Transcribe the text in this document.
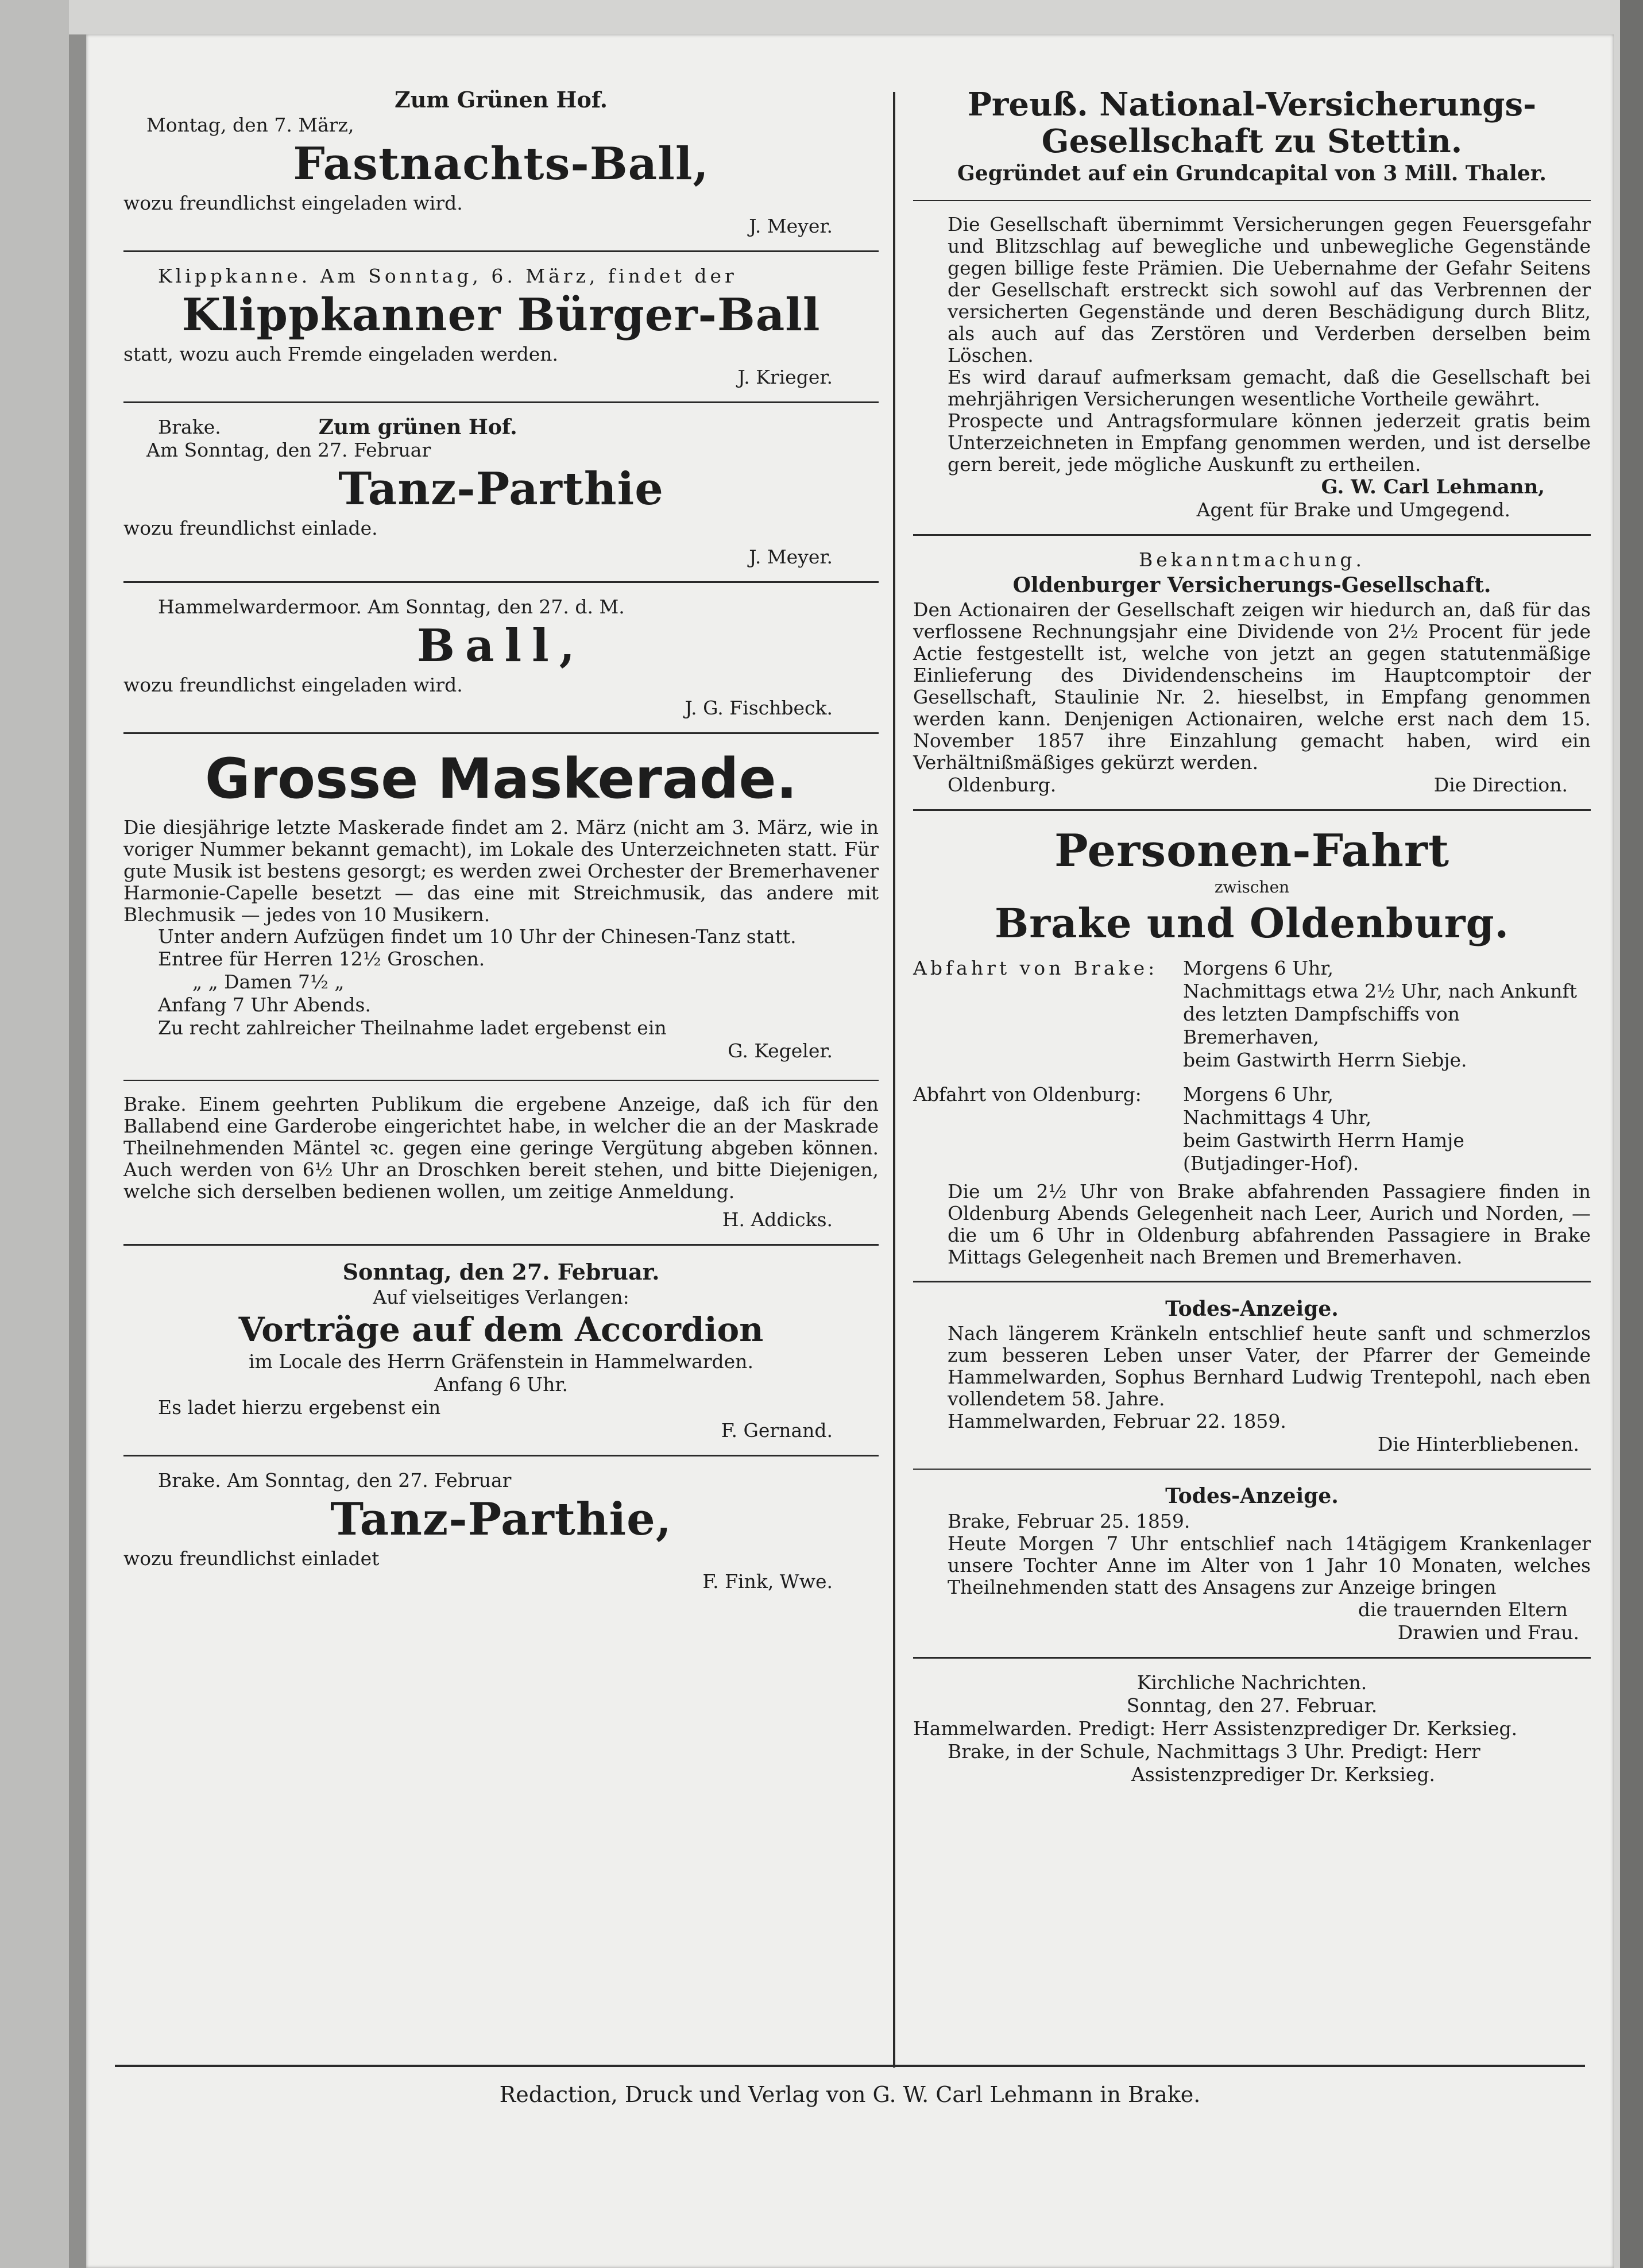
Zum Grünen Hof.
Montag, den 7. März,
Fastnachts-Ball,
wozu freundlichst eingeladen wird.
J. Meyer.
Klippkanne. Am Sonntag, 6. März, findet der
Klippkanner Bürger-Ball
statt, wozu auch Fremde eingeladen werden.
J. Krieger.
Brake.	Zum grünen Hof.
Am Sonntag, den 27. Februar
Tanz-Parthie
wozu freundlichst einlade.
J. Meyer.
Hammelwardermoor. Am Sonntag, den 27. d. M.
Ball,
wozu freundlichst eingeladen wird.
J. G. Fischbeck.
Grosse Maskerade.
Die diesjährige letzte Maskerade findet am 2. März (nicht am 3. März, wie in voriger Nummer bekannt gemacht), im Lokale des Unterzeichneten statt. Für gute Musik ist bestens gesorgt; es werden zwei Orchester der Bremerhavener Harmonie-Capelle besetzt — das eine mit Streichmusik, das andere mit Blechmusik — jedes von 10 Musikern.
Unter andern Aufzügen findet um 10 Uhr der Chinesen-Tanz statt.
Entree für Herren 12½ Groschen.
„ „ Damen 7½ „
Anfang 7 Uhr Abends.
Zu recht zahlreicher Theilnahme ladet ergebenst ein
G. Kegeler.
Brake. Einem geehrten Publikum die ergebene Anzeige, daß ich für den Ballabend eine Garderobe eingerichtet habe, in welcher die an der Maskrade Theilnehmenden Mäntel ꝛc. gegen eine geringe Vergütung abgeben können. Auch werden von 6½ Uhr an Droschken bereit stehen, und bitte Diejenigen, welche sich derselben bedienen wollen, um zeitige Anmeldung.
H. Addicks.
Sonntag, den 27. Februar.
Auf vielseitiges Verlangen:
Vorträge auf dem Accordion
im Locale des Herrn Gräfenstein in Hammelwarden.
Anfang 6 Uhr.
Es ladet hierzu ergebenst ein
F. Gernand.
Brake. Am Sonntag, den 27. Februar
Tanz-Parthie,
wozu freundlichst einladet
F. Fink, Wwe.
Preuß. National-Versicherungs-
Gesellschaft zu Stettin.
Gegründet auf ein Grundcapital von 3 Mill. Thaler.
Die Gesellschaft übernimmt Versicherungen gegen Feuersgefahr und Blitzschlag auf bewegliche und unbewegliche Gegenstände gegen billige feste Prämien. Die Uebernahme der Gefahr Seitens der Gesellschaft erstreckt sich sowohl auf das Verbrennen der versicherten Gegenstände und deren Beschädigung durch Blitz, als auch auf das Zerstören und Verderben derselben beim Löschen.
Es wird darauf aufmerksam gemacht, daß die Gesellschaft bei mehrjährigen Versicherungen wesentliche Vortheile gewährt.
Prospecte und Antragsformulare können jederzeit gratis beim Unterzeichneten in Empfang genommen werden, und ist derselbe gern bereit, jede mögliche Auskunft zu ertheilen.
G. W. Carl Lehmann,
Agent für Brake und Umgegend.
Bekanntmachung.
Oldenburger Versicherungs-Gesellschaft.
Den Actionairen der Gesellschaft zeigen wir hiedurch an, daß für das verflossene Rechnungsjahr eine Dividende von 2½ Procent für jede Actie festgestellt ist, welche von jetzt an gegen statutenmäßige Einlieferung des Dividendenscheins im Hauptcomptoir der Gesellschaft, Staulinie Nr. 2. hieselbst, in Empfang genommen werden kann. Denjenigen Actionairen, welche erst nach dem 15. November 1857 ihre Einzahlung gemacht haben, wird ein Verhältnißmäßiges gekürzt werden.
Oldenburg.	Die Direction.
Personen-Fahrt
zwischen
Brake und Oldenburg.
Abfahrt von Brake:	Morgens 6 Uhr,
Nachmittags etwa 2½ Uhr, nach Ankunft des letzten Dampfschiffs von Bremerhaven,
beim Gastwirth Herrn Siebje.
Abfahrt von Oldenburg:	Morgens 6 Uhr,
Nachmittags 4 Uhr,
beim Gastwirth Herrn Hamje (Butjadinger-Hof).
Die um 2½ Uhr von Brake abfahrenden Passagiere finden in Oldenburg Abends Gelegenheit nach Leer, Aurich und Norden, — die um 6 Uhr in Oldenburg abfahrenden Passagiere in Brake Mittags Gelegenheit nach Bremen und Bremerhaven.
Todes-Anzeige.
Nach längerem Kränkeln entschlief heute sanft und schmerzlos zum besseren Leben unser Vater, der Pfarrer der Gemeinde Hammelwarden, Sophus Bernhard Ludwig Trentepohl, nach eben vollendetem 58. Jahre.
Hammelwarden, Februar 22. 1859.
Die Hinterbliebenen.
Todes-Anzeige.
Brake, Februar 25. 1859.
Heute Morgen 7 Uhr entschlief nach 14tägigem Krankenlager unsere Tochter Anne im Alter von 1 Jahr 10 Monaten, welches Theilnehmenden statt des Ansagens zur Anzeige bringen
die trauernden Eltern
Drawien und Frau.
Kirchliche Nachrichten.
Sonntag, den 27. Februar.
Hammelwarden. Predigt: Herr Assistenzprediger Dr. Kerksieg.
Brake, in der Schule, Nachmittags 3 Uhr. Predigt: Herr
Assistenzprediger Dr. Kerksieg.
Redaction, Druck und Verlag von G. W. Carl Lehmann in Brake.
